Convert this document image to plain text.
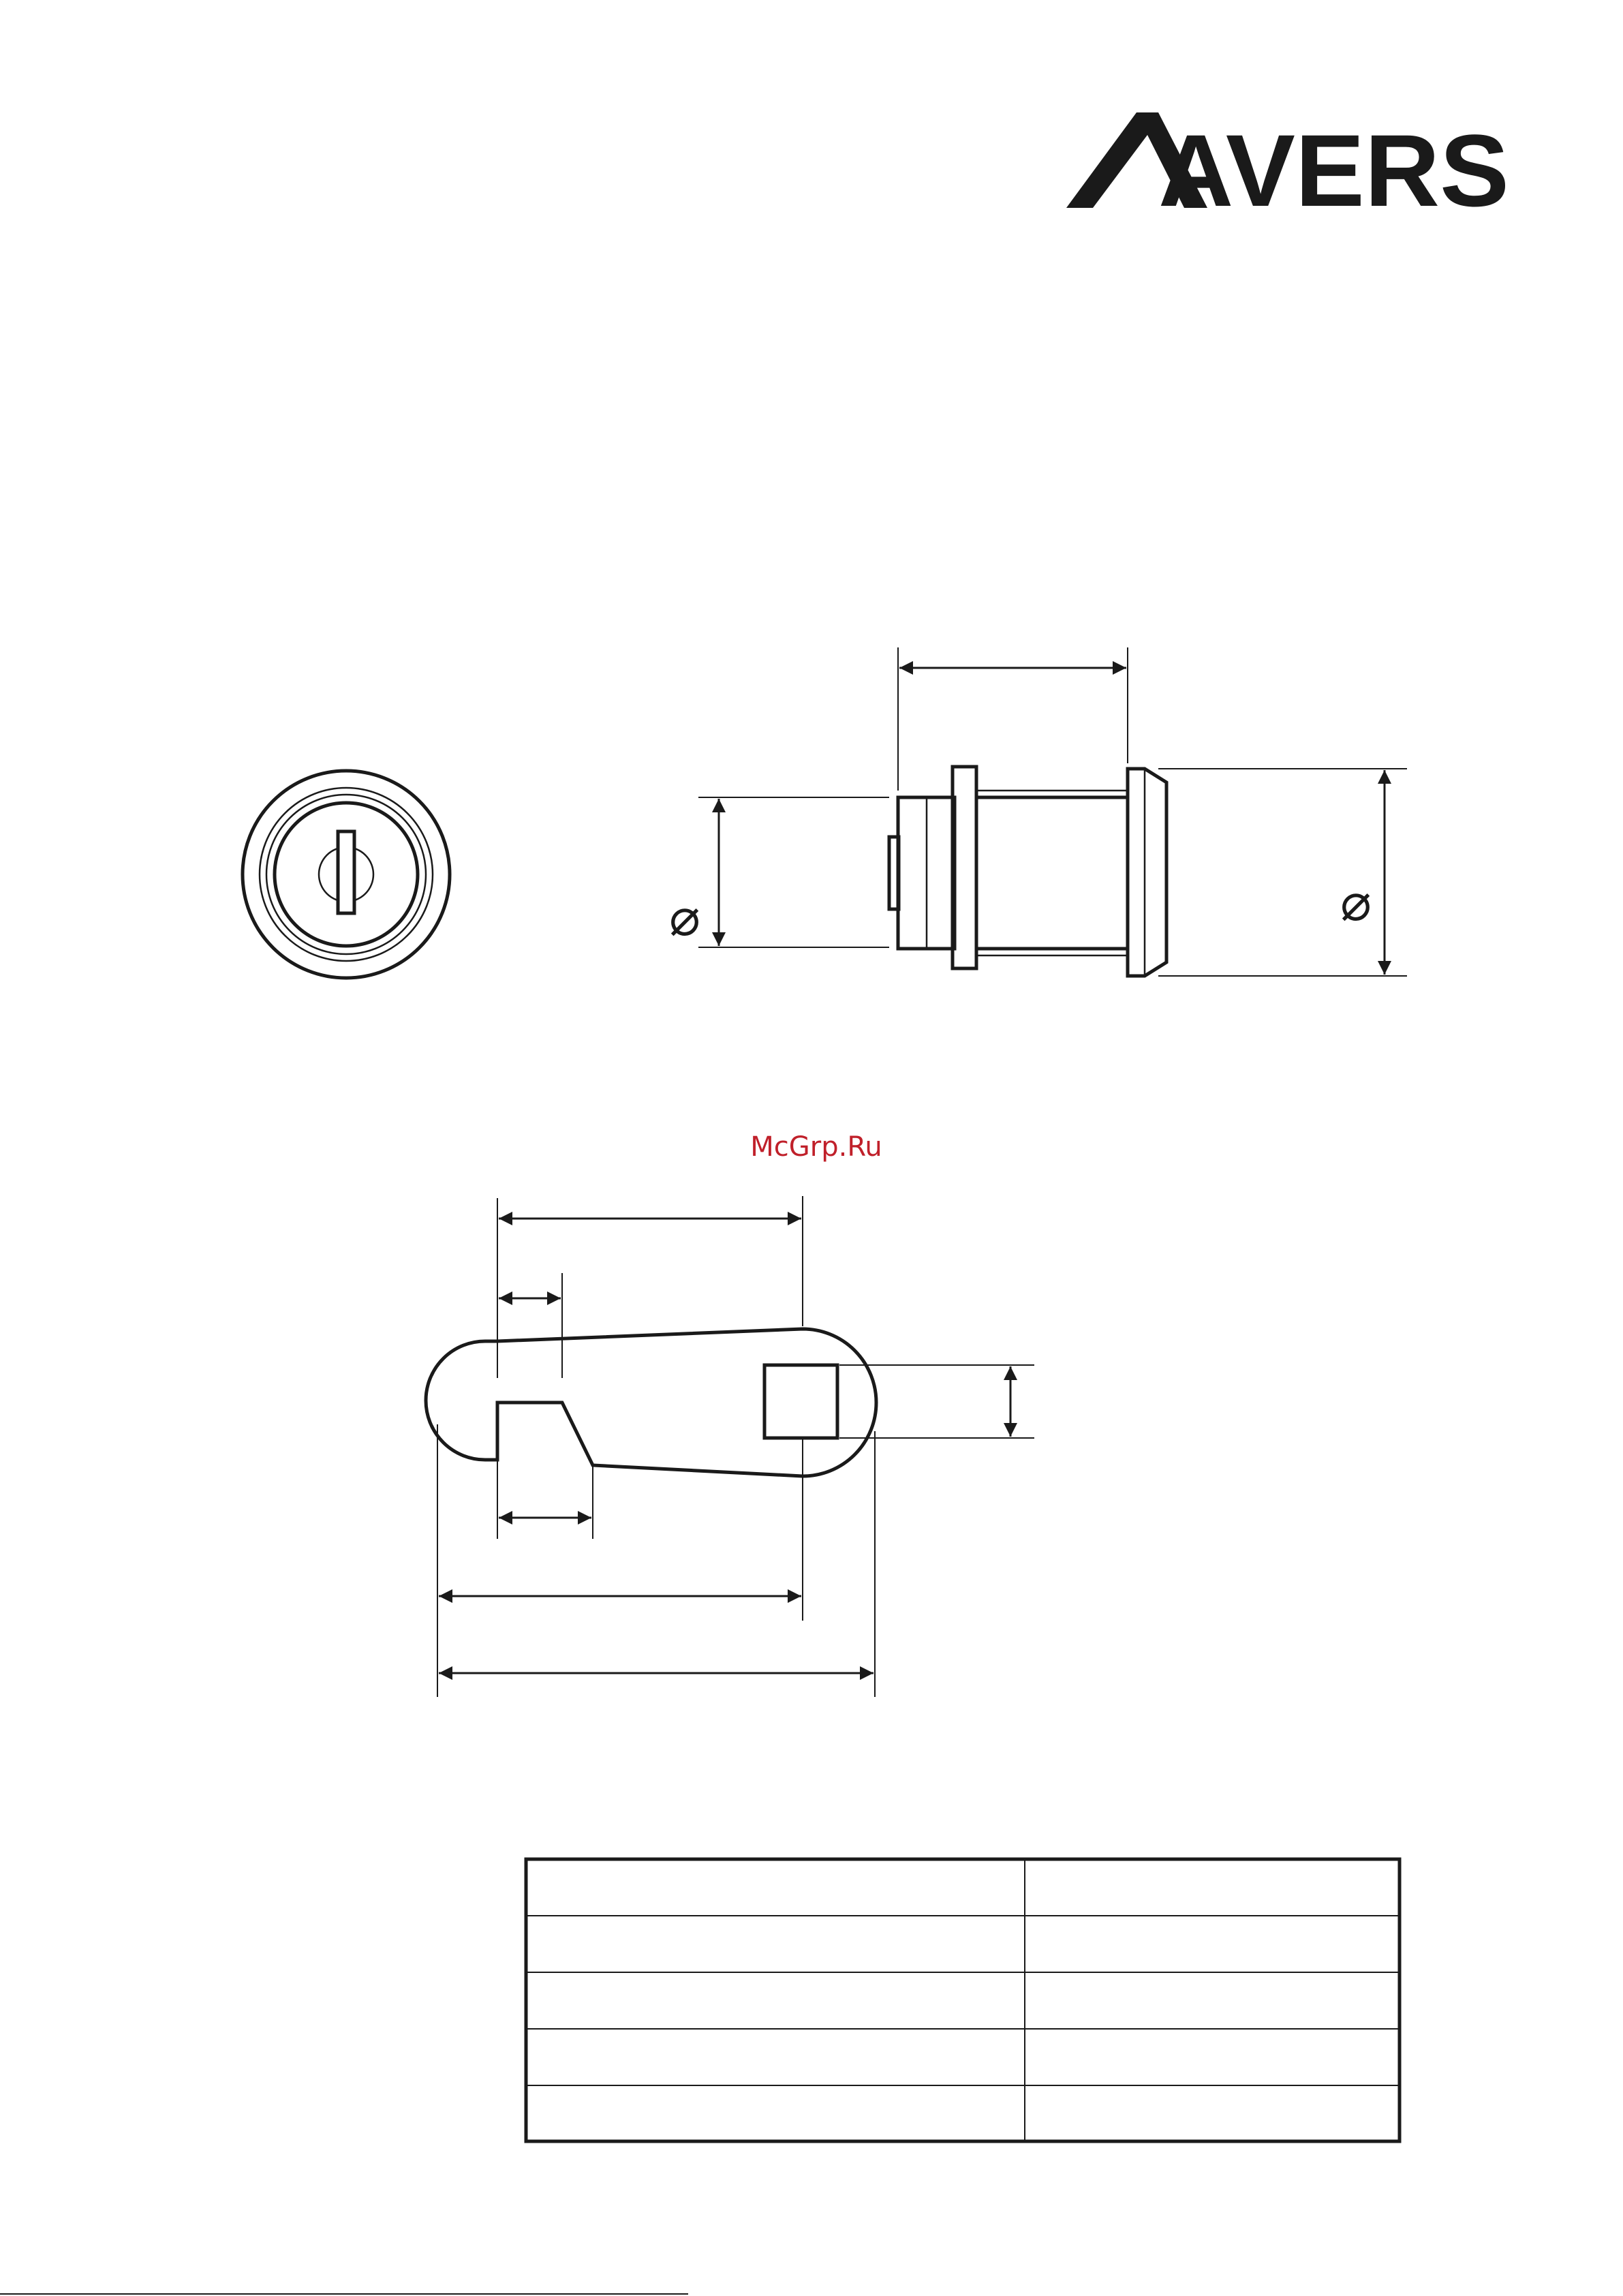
AVERS
⌀	⌀
McGrp.Ru
